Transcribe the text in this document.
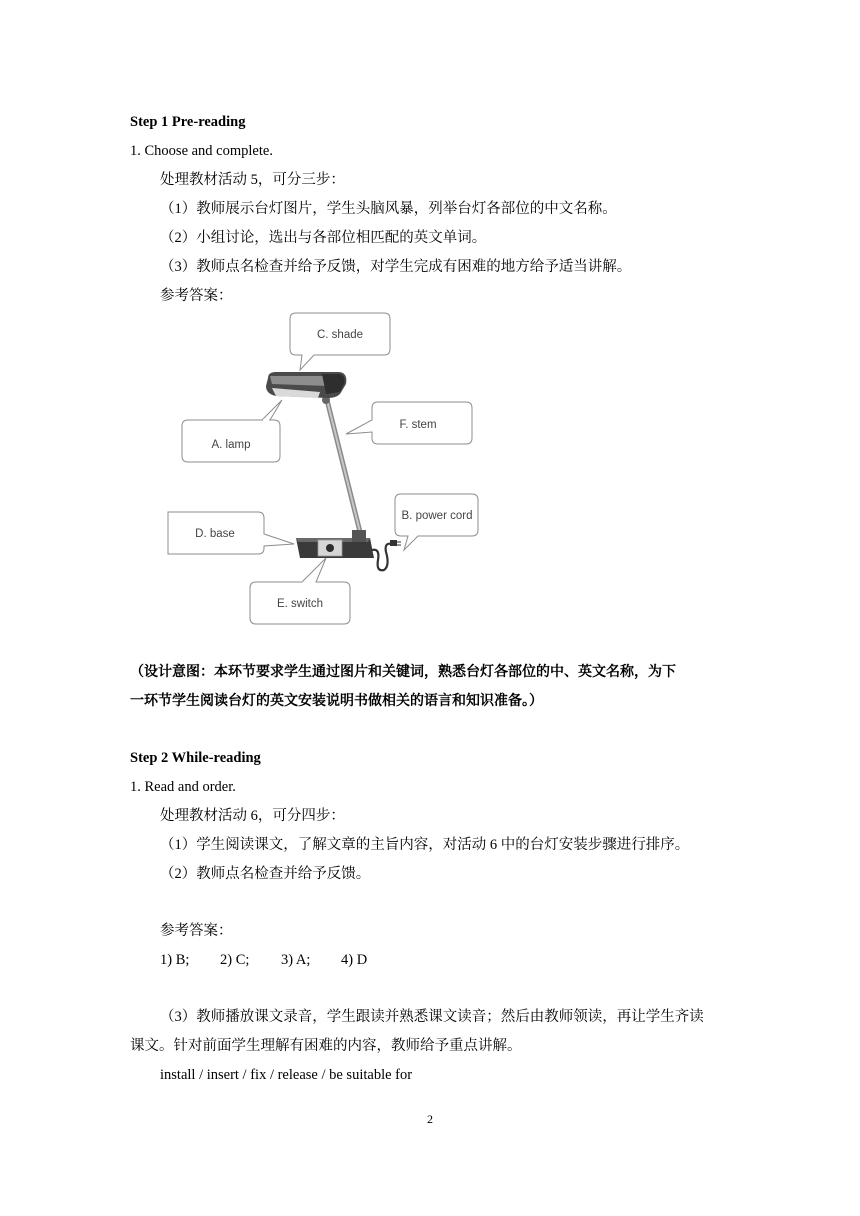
Step 1 Pre-reading
1. Choose and complete.
处理教材活动 5，可分三步：
（1）教师展示台灯图片，学生头脑风暴，列举台灯各部位的中文名称。
（2）小组讨论，选出与各部位相匹配的英文单词。
（3）教师点名检查并给予反馈，对学生完成有困难的地方给予适当讲解。
参考答案：
C. shade
A. lamp
F. stem
B. power cord
D. base
E. switch
（设计意图：本环节要求学生通过图片和关键词，熟悉台灯各部位的中、英文名称，为下
一环节学生阅读台灯的英文安装说明书做相关的语言和知识准备。）
Step 2 While-reading
1. Read and order.
处理教材活动 6，可分四步：
（1）学生阅读课文，了解文章的主旨内容，对活动 6 中的台灯安装步骤进行排序。
（2）教师点名检查并给予反馈。
参考答案：
1) B; 2) C; 3) A; 4) D
（3）教师播放课文录音，学生跟读并熟悉课文读音；然后由教师领读，再让学生齐读
课文。针对前面学生理解有困难的内容，教师给予重点讲解。
install / insert / fix / release / be suitable for
2
